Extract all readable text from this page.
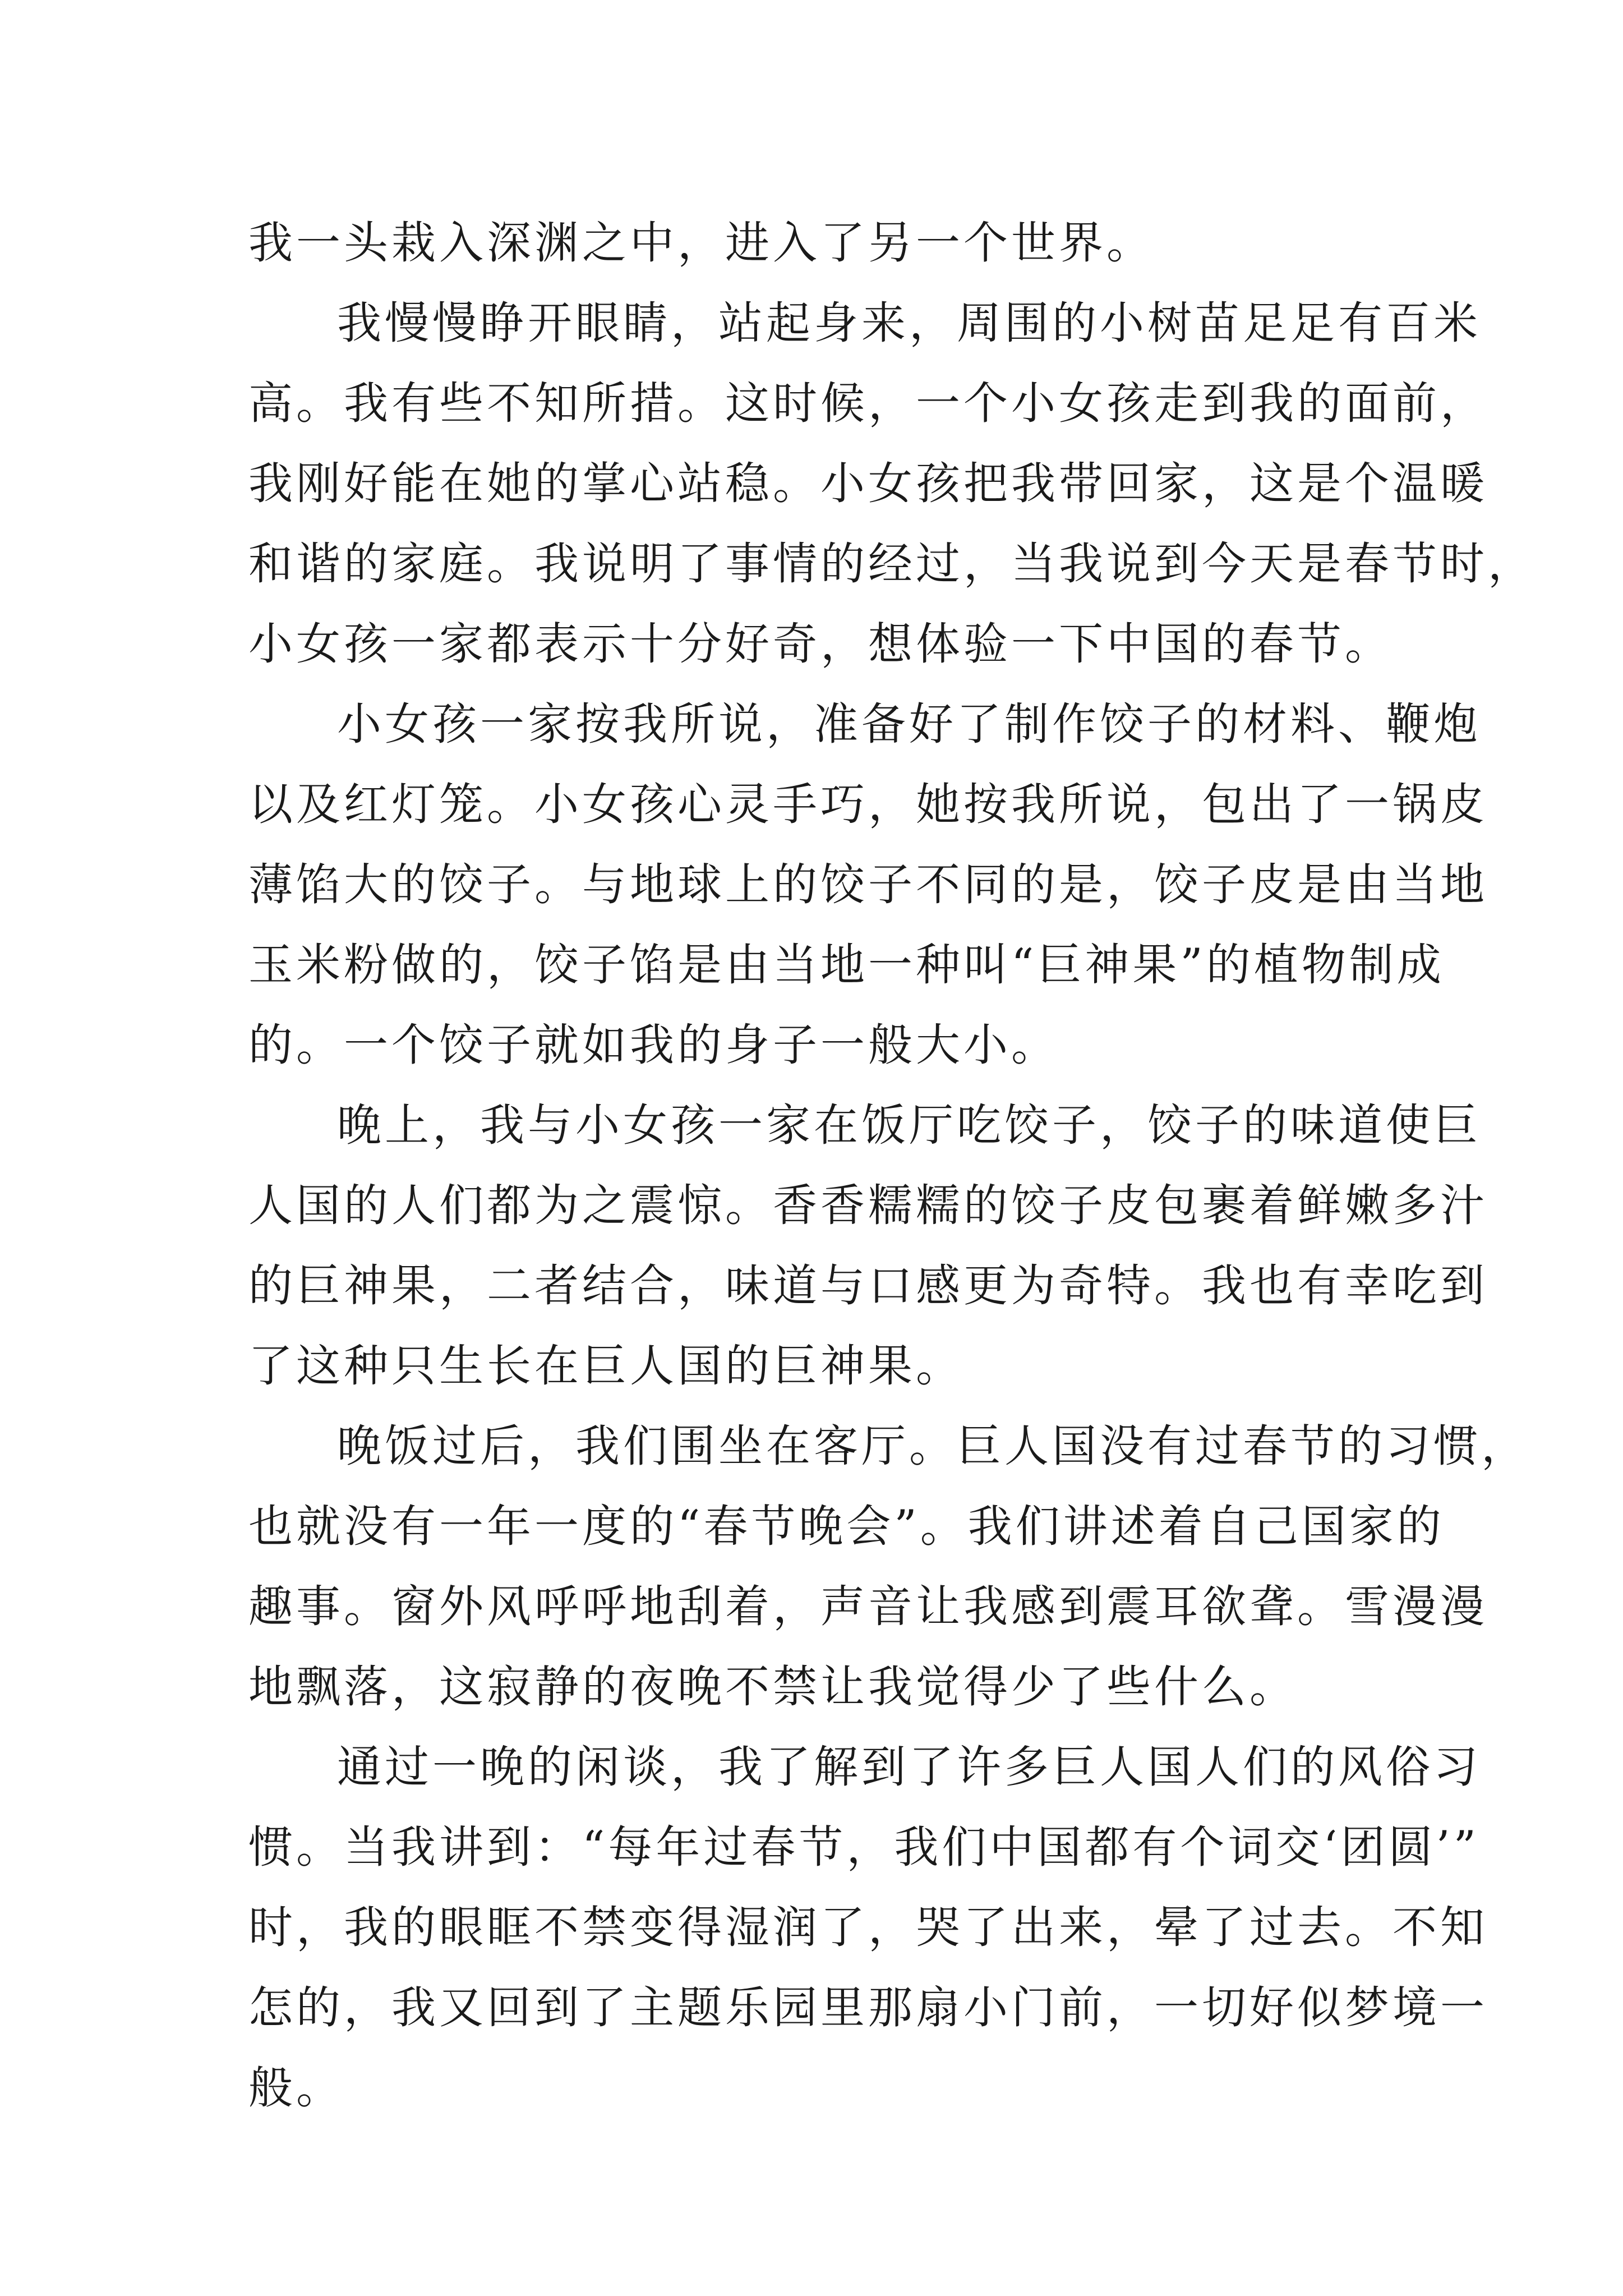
我一头栽入深渊之中，进入了另一个世界。
我慢慢睁开眼睛，站起身来，周围的小树苗足足有百米
高。我有些不知所措。这时候，一个小女孩走到我的面前，
我刚好能在她的掌心站稳。小女孩把我带回家，这是个温暖
和谐的家庭。我说明了事情的经过，当我说到今天是春节时，
小女孩一家都表示十分好奇，想体验一下中国的春节。
小女孩一家按我所说，准备好了制作饺子的材料、鞭炮
以及红灯笼。小女孩心灵手巧，她按我所说，包出了一锅皮
薄馅大的饺子。与地球上的饺子不同的是，饺子皮是由当地
玉米粉做的，饺子馅是由当地一种叫“巨神果”的植物制成
的。一个饺子就如我的身子一般大小。
晚上，我与小女孩一家在饭厅吃饺子，饺子的味道使巨
人国的人们都为之震惊。香香糯糯的饺子皮包裹着鲜嫩多汁
的巨神果，二者结合，味道与口感更为奇特。我也有幸吃到
了这种只生长在巨人国的巨神果。
晚饭过后，我们围坐在客厅。巨人国没有过春节的习惯，
也就没有一年一度的“春节晚会”。我们讲述着自己国家的
趣事。窗外风呼呼地刮着，声音让我感到震耳欲聋。雪漫漫
地飘落，这寂静的夜晚不禁让我觉得少了些什么。
通过一晚的闲谈，我了解到了许多巨人国人们的风俗习
惯。当我讲到：“每年过春节，我们中国都有个词交‘团圆’”
时，我的眼眶不禁变得湿润了，哭了出来，晕了过去。不知
怎的，我又回到了主题乐园里那扇小门前，一切好似梦境一
般。
